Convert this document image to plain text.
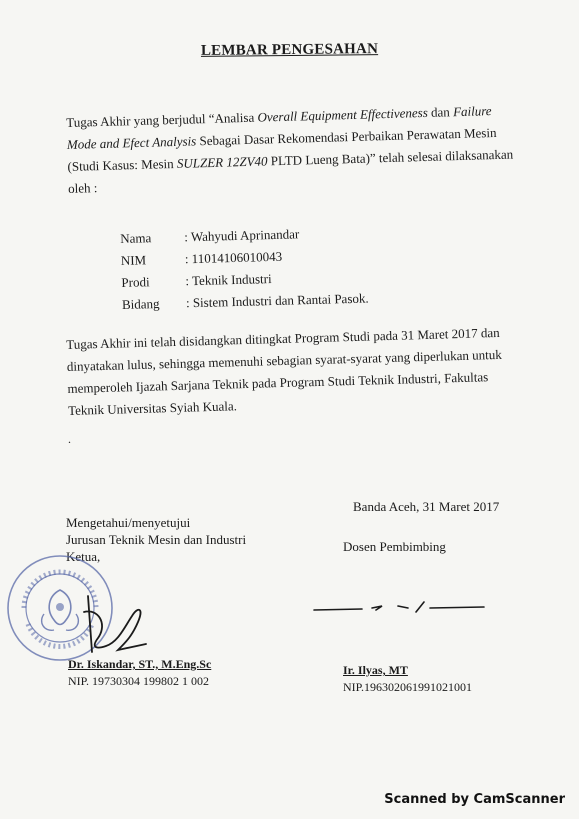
LEMBAR PENGESAHAN
Tugas Akhir yang berjudul “Analisa Overall Equipment Effectiveness dan Failure Mode and Efect Analysis Sebagai Dasar Rekomendasi Perbaikan Perawatan Mesin (Studi Kasus: Mesin SULZER 12ZV40 PLTD Lueng Bata)” telah selesai dilaksanakan oleh :
Nama	: Wahyudi Aprinandar
NIM	: 11014106010043
Prodi	: Teknik Industri
Bidang	: Sistem Industri dan Rantai Pasok.
Tugas Akhir ini telah disidangkan ditingkat Program Studi pada 31 Maret 2017 dan dinyatakan lulus, sehingga memenuhi sebagian syarat-syarat yang diperlukan untuk memperoleh Ijazah Sarjana Teknik pada Program Studi Teknik Industri, Fakultas Teknik Universitas Syiah Kuala.
.
Banda Aceh, 31 Maret 2017
Mengetahui/menyetujui
Jurusan Teknik Mesin dan Industri
Ketua,
Dosen Pembimbing
Dr. Iskandar, ST., M.Eng.Sc
NIP. 19730304 199802 1 002
Ir. Ilyas, MT
NIP.196302061991021001
Scanned by CamScanner
